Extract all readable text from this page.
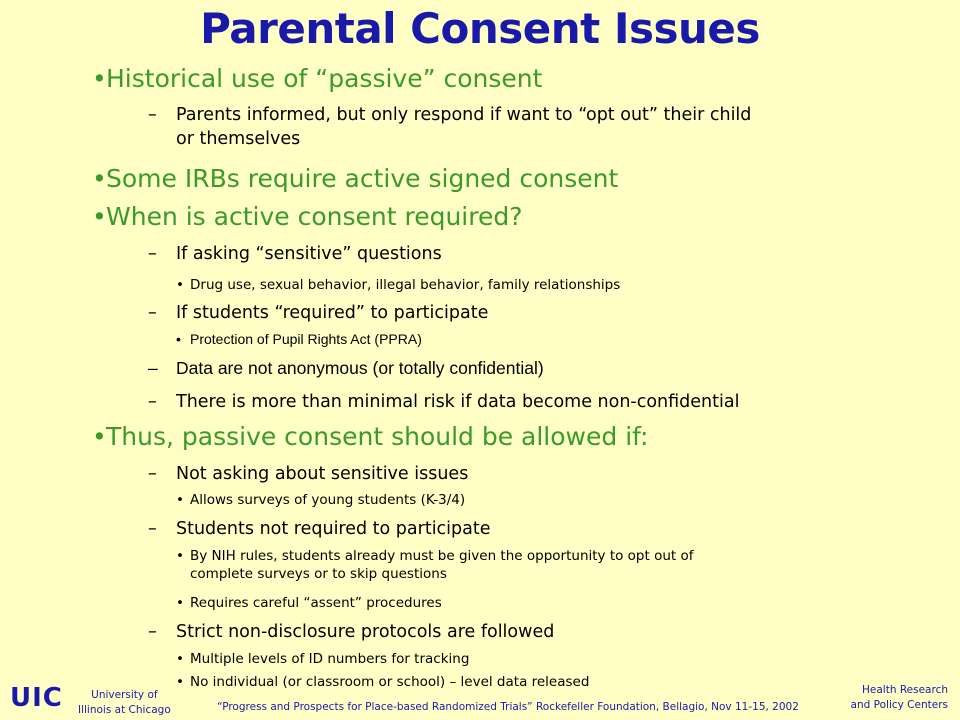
Parental Consent Issues
• Historical use of “passive” consent
– Parents informed, but only respond if want to “opt out” their child
or themselves
• Some IRBs require active signed consent
• When is active consent required?
– If asking “sensitive” questions
• Drug use, sexual behavior, illegal behavior, family relationships
– If students “required” to participate
• Protection of Pupil Rights Act (PPRA)
– Data are not anonymous (or totally confidential)
– There is more than minimal risk if data become non-confidential
• Thus, passive consent should be allowed if:
– Not asking about sensitive issues
• Allows surveys of young students (K-3/4)
– Students not required to participate
• By NIH rules, students already must be given the opportunity to opt out of
complete surveys or to skip questions
• Requires careful “assent” procedures
– Strict non-disclosure protocols are followed
• Multiple levels of ID numbers for tracking
• No individual (or classroom or school) – level data released
UIC	University of
Illinois at Chicago	“Progress and Prospects for Place-based Randomized Trials” Rockefeller Foundation, Bellagio, Nov 11-15, 2002
Health Research
and Policy Centers
